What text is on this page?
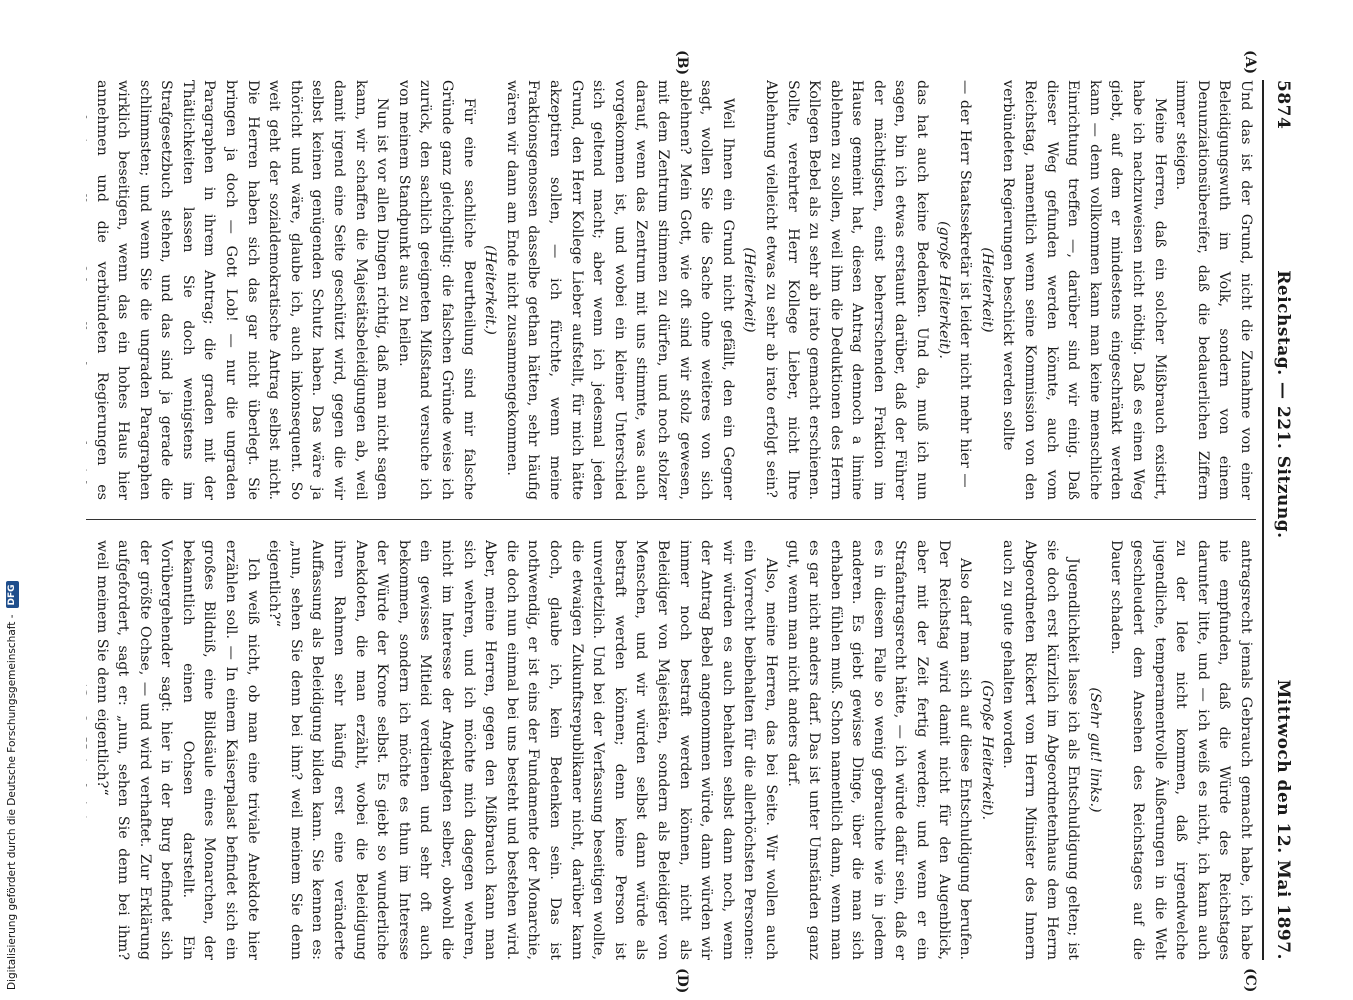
5874
Reichstag. — 221. Sitzung.
Mittwoch den 12. Mai 1897.
(A)
(B)
(C)
(D)

Und das ist der Grund, nicht die Zunahme von einer Beleidigungswuth im Volk, sondern von einem Denunziationsübereifer, daß die bedauerlichen Ziffern immer steigen.

Meine Herren, daß ein solcher Mißbrauch existirt, habe ich nachzuweisen nicht nöthig. Daß es einen Weg giebt, auf dem er mindestens eingeschränkt werden kann — denn vollkommen kann man keine menschliche Einrichtung treffen —, darüber sind wir einig. Daß dieser Weg gefunden werden könnte, auch vom Reichstag, namentlich wenn seine Kommission von den verbündeten Regierungen beschickt werden sollte

(Heiterkeit)

— der Herr Staatssekretär ist leider nicht mehr hier —

(große Heiterkeit).

das hat auch keine Bedenken. Und da, muß ich nun sagen, bin ich etwas erstaunt darüber, daß der Führer der mächtigsten, einst beherrschenden Fraktion im Hause gemeint hat, diesen Antrag dennoch a limine ablehnen zu sollen, weil ihm die Deduktionen des Herrn Kollegen Bebel als zu sehr ab irato gemacht erschienen. Sollte, verehrter Herr Kollege Lieber, nicht Ihre Ablehnung vielleicht etwas zu sehr ab irato erfolgt sein?

(Heiterkeit)

Weil Ihnen ein Grund nicht gefällt, den ein Gegner sagt, wollen Sie die Sache ohne weiteres von sich ablehnen? Mein Gott, wie oft sind wir stolz gewesen, mit dem Zentrum stimmen zu dürfen, und noch stolzer darauf, wenn das Zentrum mit uns stimmte, was auch vorgekommen ist, und wobei ein kleiner Unterschied sich geltend macht; aber wenn ich jedesmal jeden Grund, den Herr Kollege Lieber aufstellt, für mich hätte akzeptiren sollen, — ich fürchte, wenn meine Fraktionsgenossen dasselbe gethan hätten, sehr häufig wären wir dann am Ende nicht zusammengekommen.

(Heiterkeit.)

Für eine sachliche Beurtheilung sind mir falsche Gründe ganz gleichgiltig: die falschen Gründe weise ich zurück, den sachlich geeigneten Mißstand versuche ich von meinem Standpunkt aus zu heilen.

Nun ist vor allen Dingen richtig, daß man nicht sagen kann, wir schaffen die Majestätsbeleidigungen ab, weil damit irgend eine Seite geschützt wird, gegen die wir selbst keinen genügenden Schutz haben. Das wäre ja thöricht und wäre, glaube ich, auch inkonsequent. So weit geht der sozialdemokratische Antrag selbst nicht. Die Herren haben sich das gar nicht überlegt. Sie bringen ja doch — Gott Lob! — nur die ungraden Paragraphen in ihrem Antrag; die graden mit der Thätlichkeiten lassen Sie doch wenigstens im Strafgesetzbuch stehen, und das sind ja gerade die schlimmsten; und wenn Sie die ungraden Paragraphen wirklich beseitigen, wenn das ein hohes Haus hier annehmen und die verbündeten Regierungen es

antragsrecht jemals Gebrauch gemacht habe, ich habe nie empfunden, daß die Würde des Reichstages darunter litte, und — ich weiß es nicht, ich kann auch zu der Idee nicht kommen, daß irgendwelche jugendliche, temperamentvolle Äußerungen in die Welt geschleudert dem Ansehen des Reichstages auf die Dauer schaden.

(Sehr gut! links.)

Jugendlichkeit lasse ich als Entschuldigung gelten; ist sie doch erst kürzlich im Abgeordnetenhaus dem Herrn Abgeordneten Rickert vom Herrn Minister des Innern auch zu gute gehalten worden.

(Große Heiterkeit).

Also darf man sich auf diese Entschuldigung berufen. Der Reichstag wird damit nicht für den Augenblick, aber mit der Zeit fertig werden; und wenn er ein Strafantragsrecht hätte, — ich würde dafür sein, daß er es in diesem Falle so wenig gebrauchte wie in jedem anderen. Es giebt gewisse Dinge, über die man sich erhaben fühlen muß. Schon namentlich dann, wenn man es gar nicht anders darf. Das ist unter Umständen ganz gut, wenn man nicht anders darf.

Also, meine Herren, das bei Seite. Wir wollen auch ein Vorrecht beibehalten für die allerhöchsten Personen: wir würden es auch behalten selbst dann noch, wenn der Antrag Bebel angenommen würde, dann würden wir immer noch bestraft werden können, nicht als Beleidiger von Majestäten, sondern als Beleidiger von Menschen, und wir würden selbst dann würde als bestraft werden können; denn keine Person ist unverletzlich. Und bei der Verfassung beseitigen wollte, die etwaigen Zukunftsrepublikaner nicht, darüber kann doch, glaube ich, kein Bedenken sein. Das ist nothwendig, er ist eins der Fundamente der Monarchie, die doch nun einmal bei uns besteht und bestehen wird. Aber, meine Herren, gegen den Mißbrauch kann man sich wehren, und ich möchte mich dagegen wehren, nicht im Interesse der Angeklagten selber, obwohl die ein gewisses Mitleid verdienen und sehr oft auch bekommen, sondern ich möchte es thun im Interesse der Würde der Krone selbst. Es giebt so wunderliche Anekdoten, die man erzählt, wobei die Beleidigung ihren Rahmen sehr häufig erst eine veränderte Auffassung als Beleidigung bilden kann. Sie kennen es: „nun, sehen Sie denn bei ihm? weil meinem Sie denn eigentlich?“

Ich weiß nicht, ob man eine triviale Anekdote hier erzählen soll. — In einem Kaiserpalast befindet sich ein großes Bildniß, eine Bildsäule eines Monarchen, der bekanntlich einen Ochsen darstellt. Ein Vorübergehender sagt: hier in der Burg befindet sich der größte Ochse, — und wird verhaftet. Zur Erklärung aufgefordert, sagt er: „nun, sehen Sie denn bei ihm? weil meinem Sie denn eigentlich?“

Digitalisierung gefördert durch die Deutsche Forschungsgemeinschaft -DFG
